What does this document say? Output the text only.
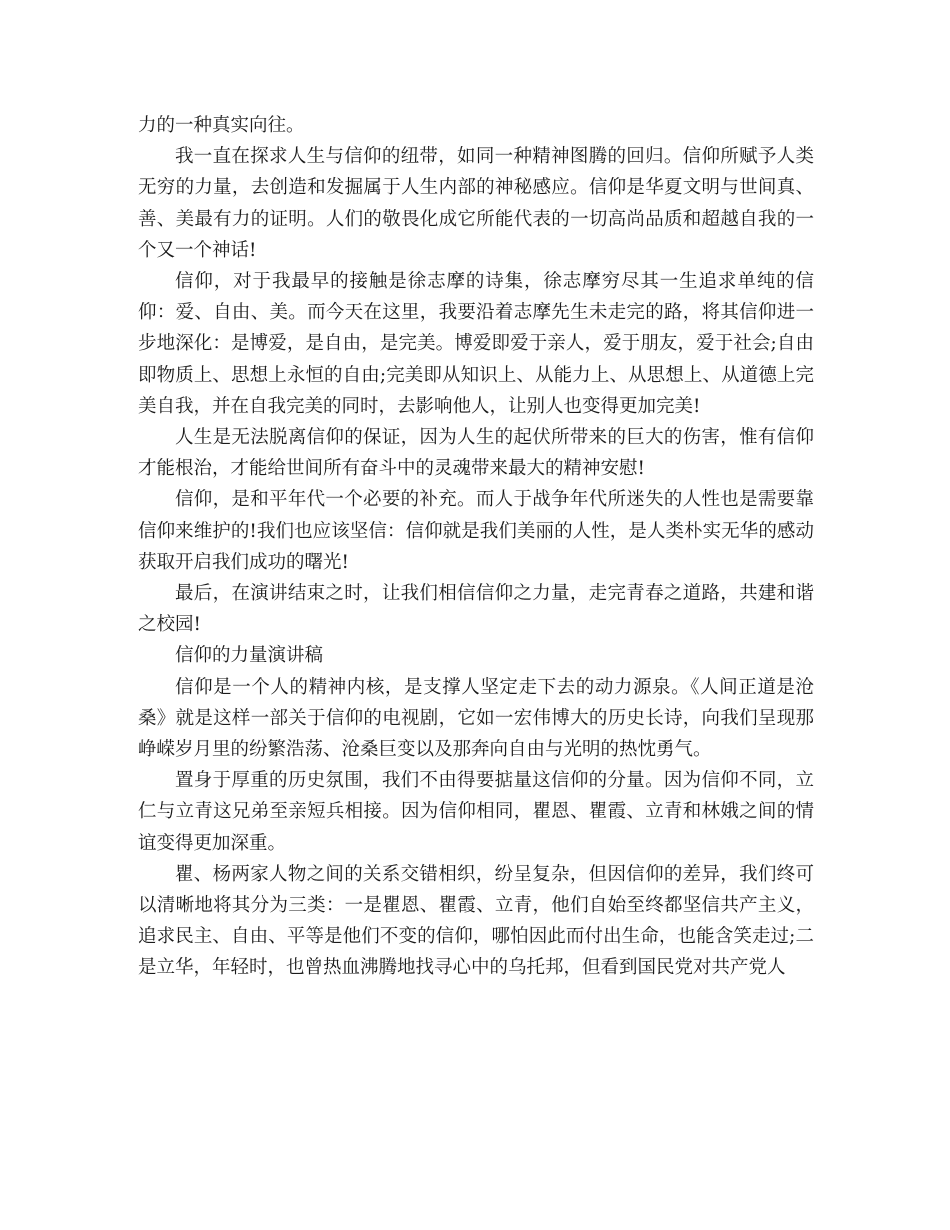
力的一种真实向往。

我一直在探求人生与信仰的纽带，如同一种精神图腾的回归。信仰所赋予人类无穷的力量，去创造和发掘属于人生内部的神秘感应。信仰是华夏文明与世间真、善、美最有力的证明。人们的敬畏化成它所能代表的一切高尚品质和超越自我的一个又一个神话!

信仰，对于我最早的接触是徐志摩的诗集，徐志摩穷尽其一生追求单纯的信仰：爱、自由、美。而今天在这里，我要沿着志摩先生未走完的路，将其信仰进一步地深化：是博爱，是自由，是完美。博爱即爱于亲人，爱于朋友，爱于社会;自由即物质上、思想上永恒的自由;完美即从知识上、从能力上、从思想上、从道德上完美自我，并在自我完美的同时，去影响他人，让别人也变得更加完美!

人生是无法脱离信仰的保证，因为人生的起伏所带来的巨大的伤害，惟有信仰才能根治，才能给世间所有奋斗中的灵魂带来最大的精神安慰!

信仰，是和平年代一个必要的补充。而人于战争年代所迷失的人性也是需要靠信仰来维护的!我们也应该坚信：信仰就是我们美丽的人性，是人类朴实无华的感动获取开启我们成功的曙光!

最后，在演讲结束之时，让我们相信信仰之力量，走完青春之道路，共建和谐之校园!

信仰的力量演讲稿

信仰是一个人的精神内核，是支撑人坚定走下去的动力源泉。《人间正道是沧桑》就是这样一部关于信仰的电视剧，它如一宏伟博大的历史长诗，向我们呈现那峥嵘岁月里的纷繁浩荡、沧桑巨变以及那奔向自由与光明的热忱勇气。

置身于厚重的历史氛围，我们不由得要掂量这信仰的分量。因为信仰不同，立仁与立青这兄弟至亲短兵相接。因为信仰相同，瞿恩、瞿霞、立青和林娥之间的情谊变得更加深重。

瞿、杨两家人物之间的关系交错相织，纷呈复杂，但因信仰的差异，我们终可以清晰地将其分为三类：一是瞿恩、瞿霞、立青，他们自始至终都坚信共产主义，追求民主、自由、平等是他们不变的信仰，哪怕因此而付出生命，也能含笑走过;二是立华，年轻时，也曾热血沸腾地找寻心中的乌托邦，但看到国民党对共产党人
